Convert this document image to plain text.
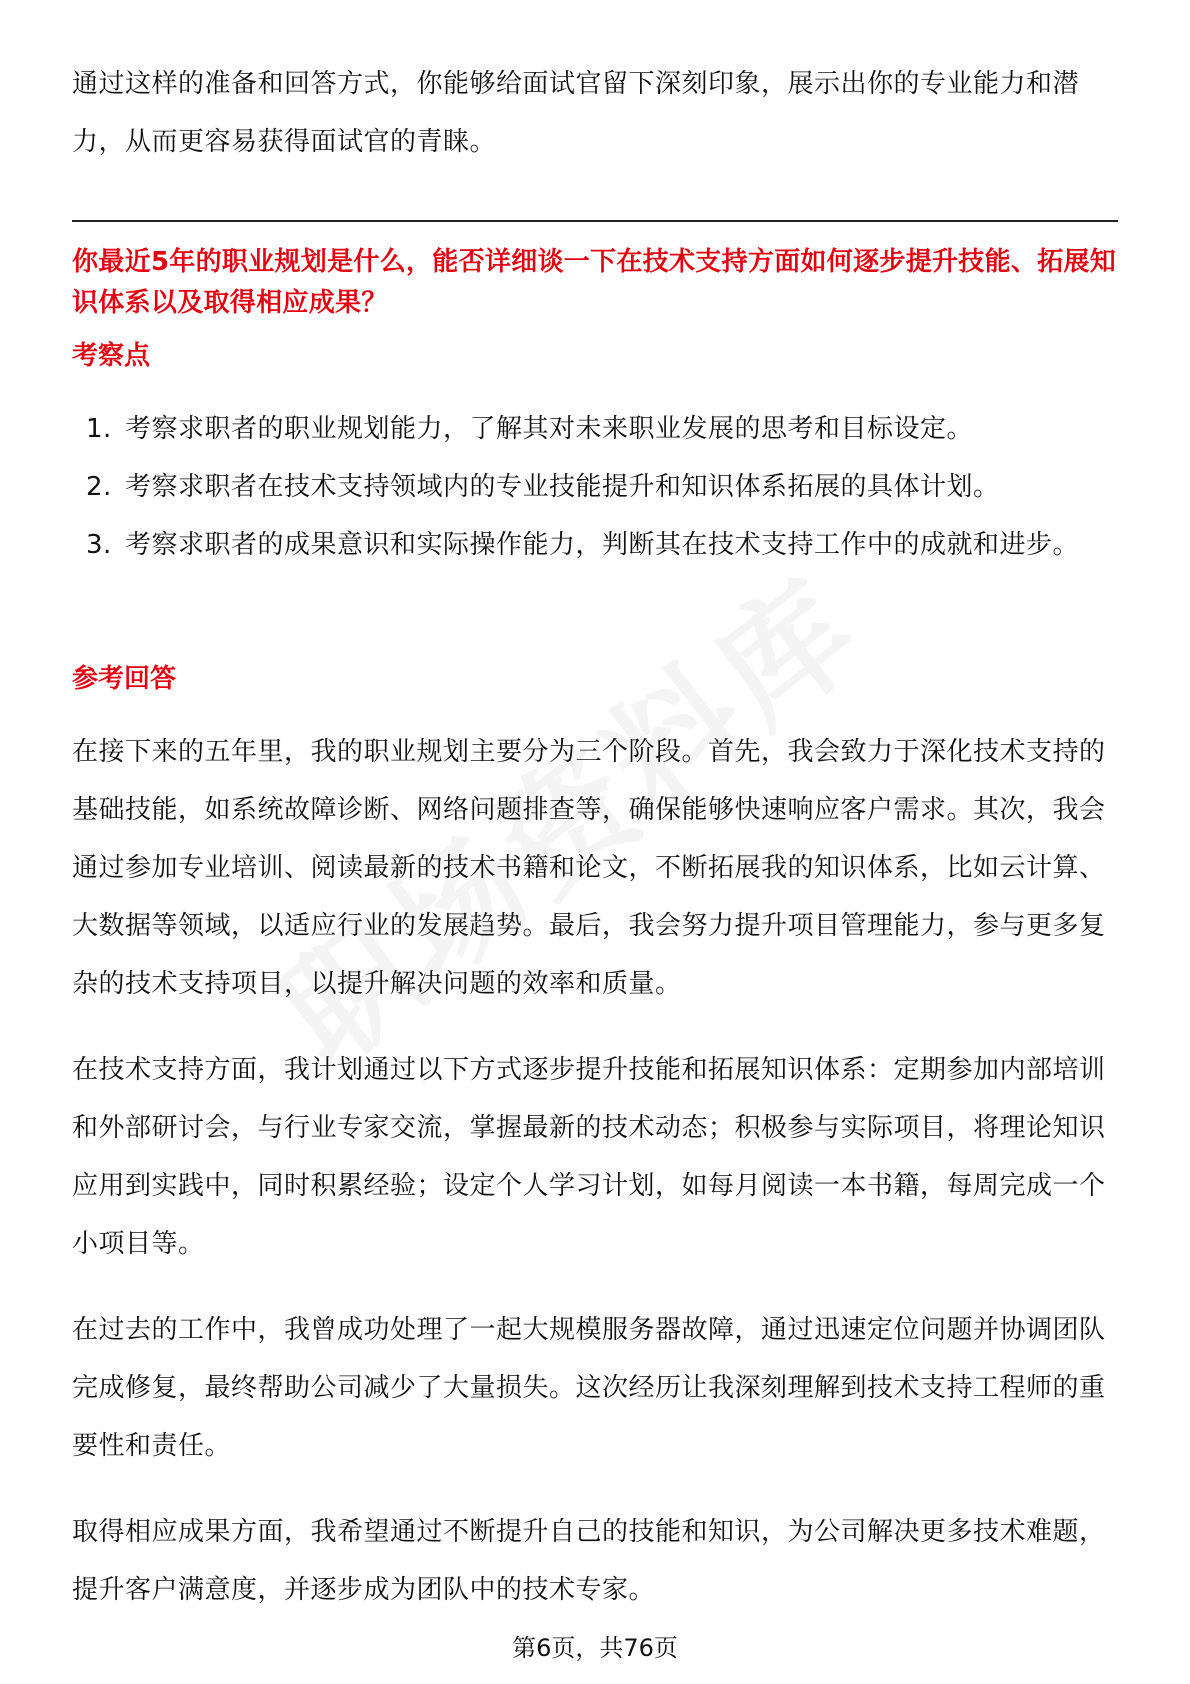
通过这样的准备和回答方式，你能够给面试官留下深刻印象，展示出你的专业能力和潜力，从而更容易获得面试官的青睐。

你最近5年的职业规划是什么，能否详细谈一下在技术支持方面如何逐步提升技能、拓展知识体系以及取得相应成果？

考察点

1. 考察求职者的职业规划能力，了解其对未来职业发展的思考和目标设定。
2. 考察求职者在技术支持领域内的专业技能提升和知识体系拓展的具体计划。
3. 考察求职者的成果意识和实际操作能力，判断其在技术支持工作中的成就和进步。

参考回答

在接下来的五年里，我的职业规划主要分为三个阶段。首先，我会致力于深化技术支持的基础技能，如系统故障诊断、网络问题排查等，确保能够快速响应客户需求。其次，我会通过参加专业培训、阅读最新的技术书籍和论文，不断拓展我的知识体系，比如云计算、大数据等领域，以适应行业的发展趋势。最后，我会努力提升项目管理能力，参与更多复杂的技术支持项目，以提升解决问题的效率和质量。

在技术支持方面，我计划通过以下方式逐步提升技能和拓展知识体系：定期参加内部培训和外部研讨会，与行业专家交流，掌握最新的技术动态；积极参与实际项目，将理论知识应用到实践中，同时积累经验；设定个人学习计划，如每月阅读一本书籍，每周完成一个小项目等。

在过去的工作中，我曾成功处理了一起大规模服务器故障，通过迅速定位问题并协调团队完成修复，最终帮助公司减少了大量损失。这次经历让我深刻理解到技术支持工程师的重要性和责任。

取得相应成果方面，我希望通过不断提升自己的技能和知识，为公司解决更多技术难题，提升客户满意度，并逐步成为团队中的技术专家。

第6页，共76页
